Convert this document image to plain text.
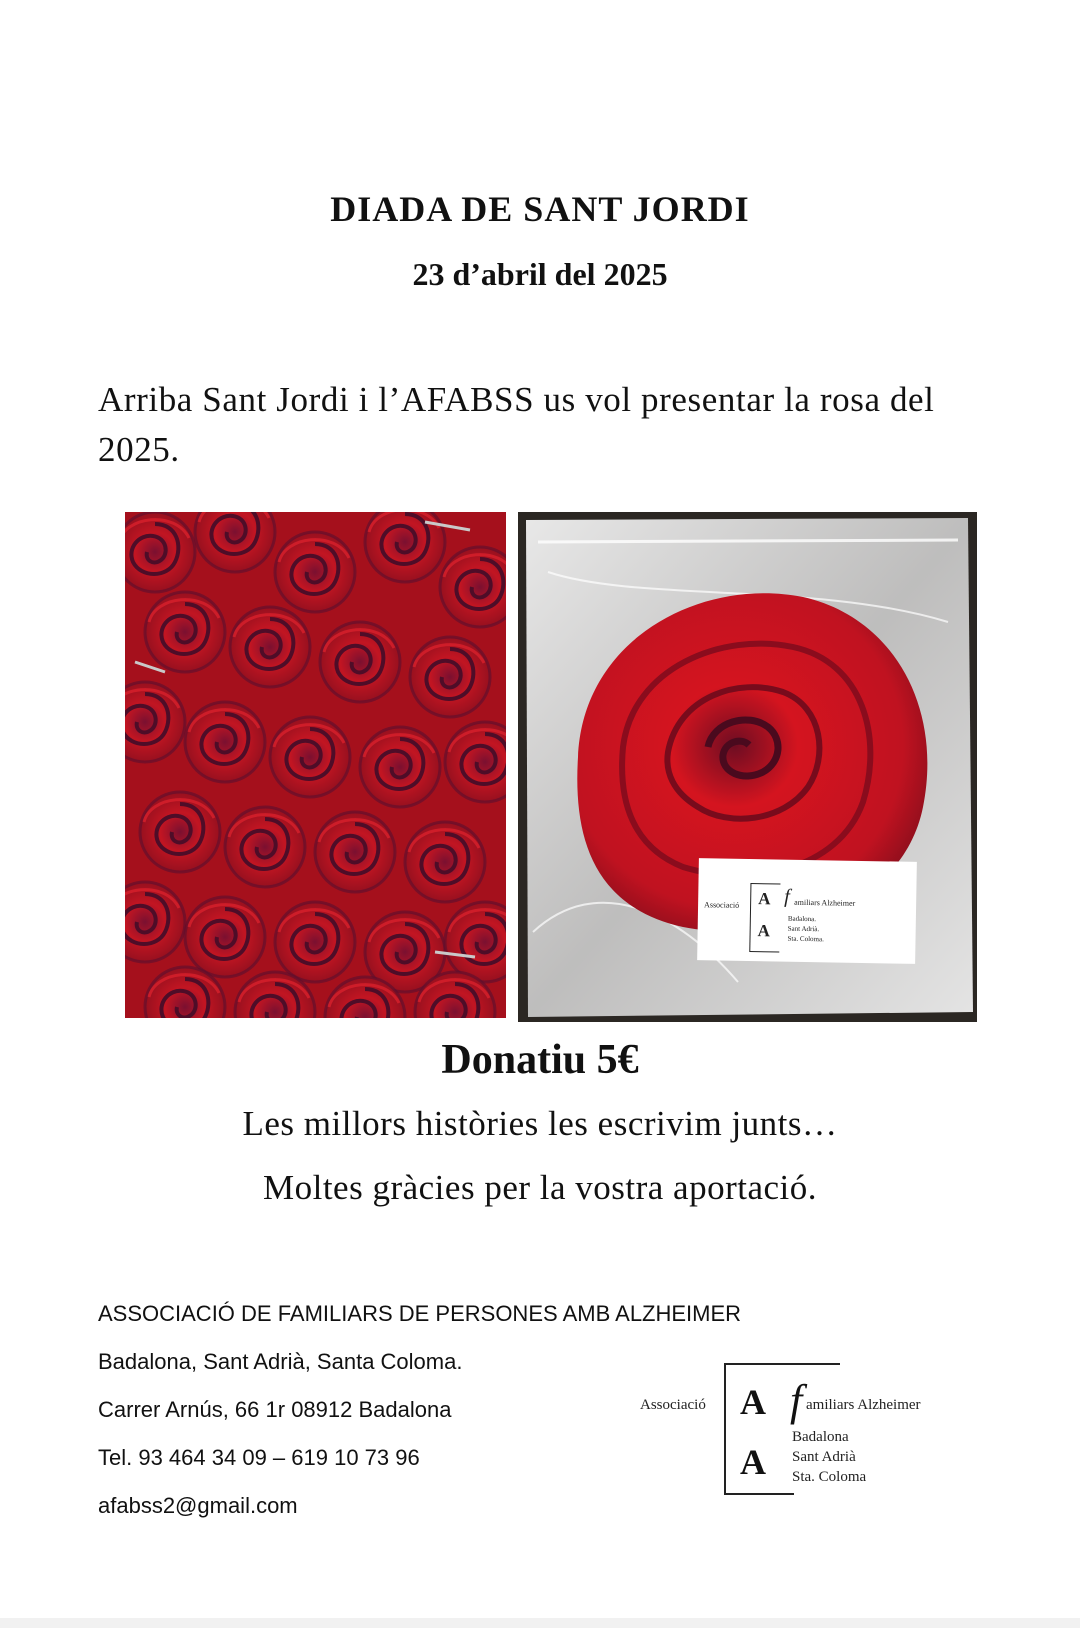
DIADA DE SANT JORDI
23 d’abril del 2025
Arriba Sant Jordi i l’AFABSS us vol presentar la rosa del 2025.
Associació A f amiliars Alzheimer
A
Badalona.
Sant Adrià.
Sta. Coloma.
Donatiu 5€
Les millors històries les escrivim junts…
Moltes gràcies per la vostra aportació.
ASSOCIACIÓ DE FAMILIARS DE PERSONES AMB ALZHEIMER
Badalona, Sant Adrià, Santa Coloma.
Carrer Arnús, 66 1r 08912 Badalona
Tel. 93 464 34 09 – 619 10 73 96
afabss2@gmail.com
Associació A f amiliars Alzheimer
A
Badalona
Sant Adrià
Sta. Coloma
